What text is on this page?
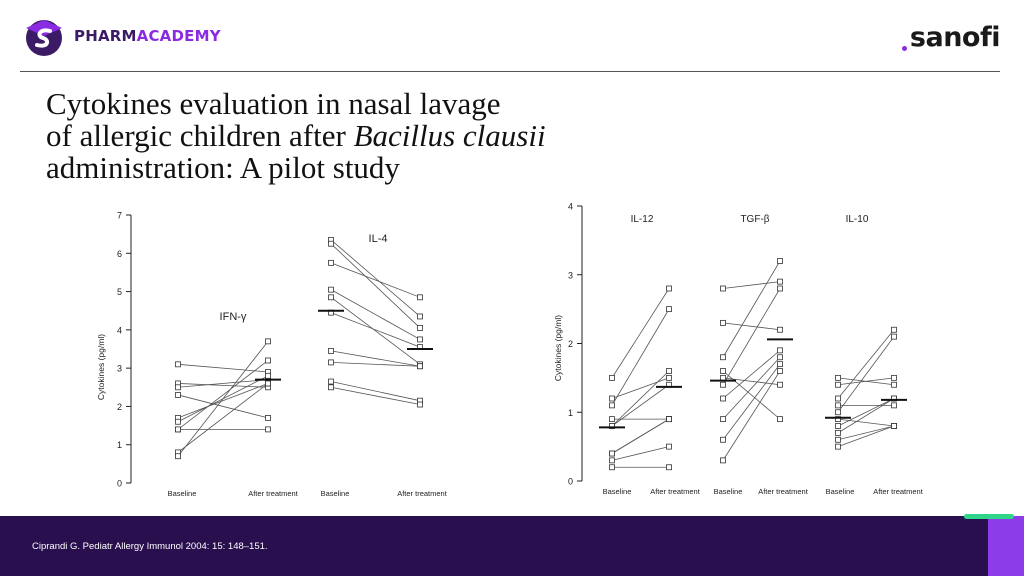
PHARMACADEMY	sanofi
Cytokines evaluation in nasal lavage
of allergic children after Bacillus clausii
administration: A pilot study
0
1
2
3
4
5
6
7
Cytokines (pg/ml)
IFN-γ
Baseline	After treatment
IL-4
Baseline	After treatment
0
1
2
3
4
Cytokines (pg/ml)
IL-12
Baseline	After treatment
TGF-β
Baseline After treatment
IL-10
Baseline	After treatment
Ciprandi G. Pediatr Allergy Immunol 2004: 15: 148–151.
